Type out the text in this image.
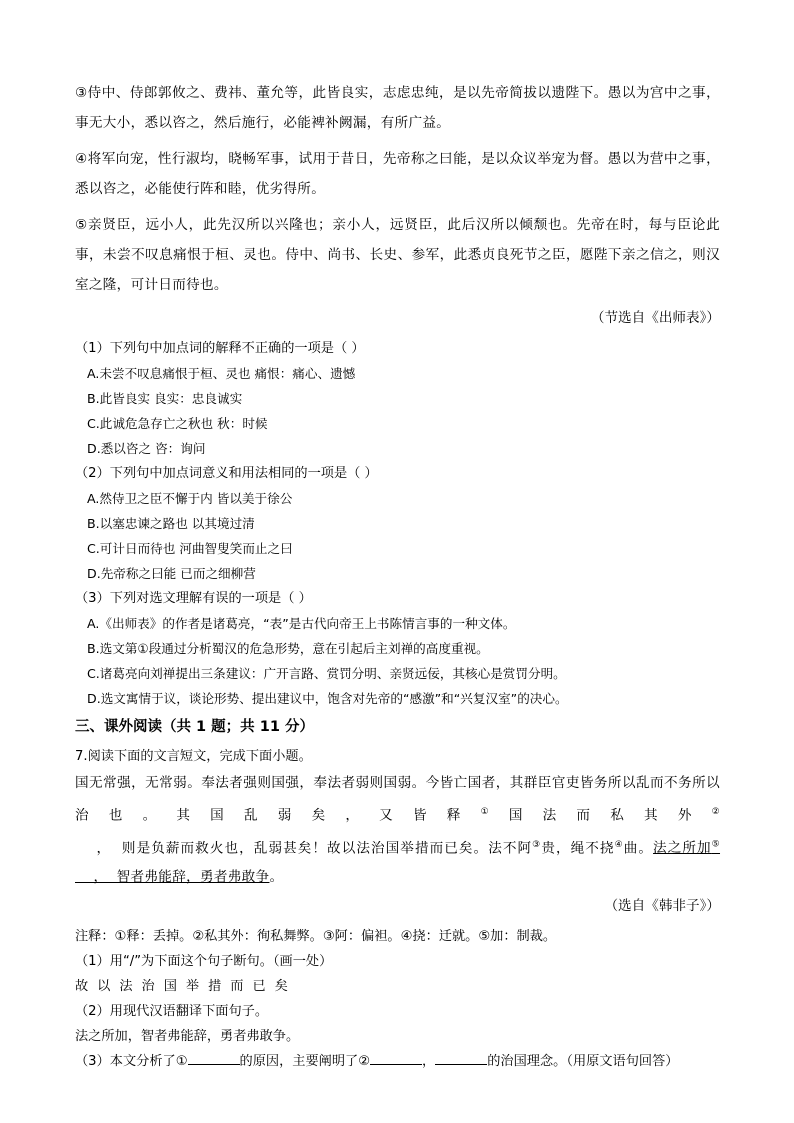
③侍中、侍郎郭攸之、费祎、董允等，此皆良实，志虑忠纯，是以先帝简拔以遗陛下。愚以为宫中之事，事无大小，悉以咨之，然后施行，必能裨补阙漏，有所广益。

④将军向宠，性行淑均，晓畅军事，试用于昔日，先帝称之曰能，是以众议举宠为督。愚以为营中之事，悉以咨之，必能使行阵和睦，优劣得所。

⑤亲贤臣，远小人，此先汉所以兴隆也；亲小人，远贤臣，此后汉所以倾颓也。先帝在时，每与臣论此事，未尝不叹息痛恨于桓、灵也。侍中、尚书、长史、参军，此悉贞良死节之臣，愿陛下亲之信之，则汉室之隆，可计日而待也。

（节选自《出师表》）

（1）下列句中加点词的解释不正确的一项是（ ）

A.未尝不叹息痛恨于桓、灵也 痛恨：痛心、遗憾

B.此皆良实 良实：忠良诚实

C.此诚危急存亡之秋也 秋：时候

D.悉以咨之 咨：询问

（2）下列句中加点词意义和用法相同的一项是（ ）

A.然侍卫之臣不懈于内 皆以美于徐公

B.以塞忠谏之路也 以其境过清

C.可计日而待也 河曲智叟笑而止之曰

D.先帝称之曰能 已而之细柳营

（3）下列对选文理解有误的一项是（ ）

A.《出师表》的作者是诸葛亮，“表”是古代向帝王上书陈情言事的一种文体。

B.选文第①段通过分析蜀汉的危急形势，意在引起后主刘禅的高度重视。

C.诸葛亮向刘禅提出三条建议：广开言路、赏罚分明、亲贤远佞，其核心是赏罚分明。

D.选文寓情于议，谈论形势、提出建议中，饱含对先帝的“感激”和“兴复汉室”的决心。

三、课外阅读（共 1 题；共 11 分）

7.阅读下面的文言短文，完成下面小题。

国无常强，无常弱。奉法者强则国强，奉法者弱则国弱。今皆亡国者，其群臣官吏皆务所以乱而不务所以治也。其国乱弱矣，又皆释①国法而私其外②    ，  则是负薪而救火也，乱弱甚矣！故以法治国举措而已矣。法不阿③贵，绳不挠④曲。法之所加⑤    ，  智者弗能辞，勇者弗敢争。

（选自《韩非子》）

注释：①释：丢掉。②私其外：徇私舞弊。③阿：偏袒。④挠：迁就。⑤加：制裁。

（1）用“/”为下面这个句子断句。（画一处）

故以法治国举措而已矣

（2）用现代汉语翻译下面句子。

法之所加，智者弗能辞，勇者弗敢争。

（3）本文分析了①	的原因，主要阐明了②	，	的治国理念。（用原文语句回答）
